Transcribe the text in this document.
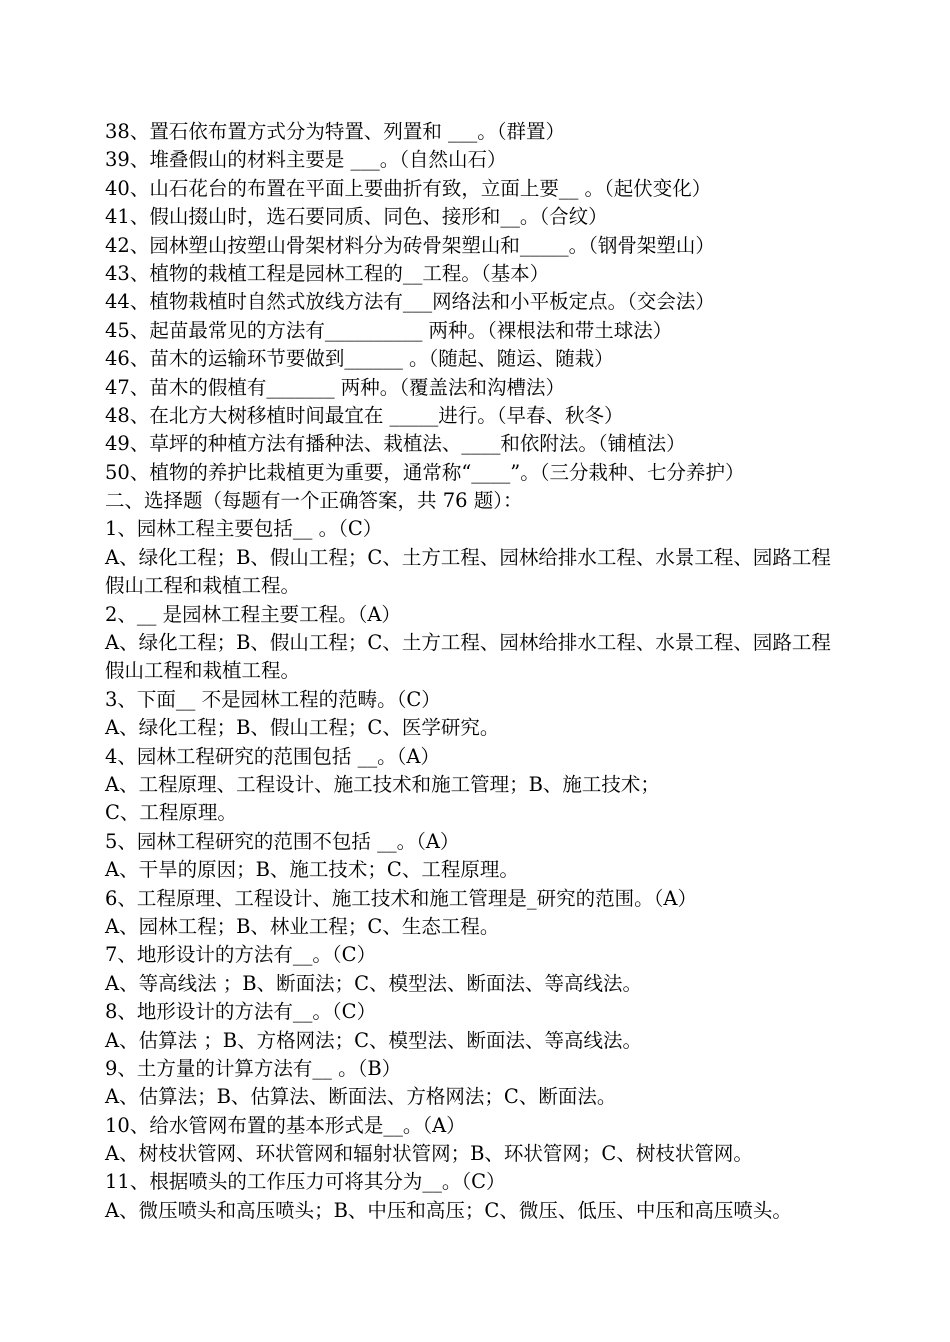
38、置石依布置方式分为特置、列置和 ___。（群置）

39、堆叠假山的材料主要是 ___。（自然山石）

40、山石花台的布置在平面上要曲折有致，立面上要__ 。（起伏变化）

41、假山掇山时，选石要同质、同色、接形和__。（合纹）

42、园林塑山按塑山骨架材料分为砖骨架塑山和_____。（钢骨架塑山）

43、植物的栽植工程是园林工程的__工程。（基本）

44、植物栽植时自然式放线方法有___网络法和小平板定点。（交会法）

45、起苗最常见的方法有__________ 两种。（裸根法和带土球法）

46、苗木的运输环节要做到______ 。（随起、随运、随栽）

47、苗木的假植有_______ 两种。（覆盖法和沟槽法）

48、在北方大树移植时间最宜在 _____进行。（早春、秋冬）

49、草坪的种植方法有播种法、栽植法、____和依附法。（铺植法）

50、植物的养护比栽植更为重要，通常称“____”。（三分栽种、七分养护）

二、选择题（每题有一个正确答案，共 76 题）：

1、园林工程主要包括__ 。（C）

A、绿化工程；B、假山工程；C、土方工程、园林给排水工程、水景工程、园路工程

假山工程和栽植工程。

2、__ 是园林工程主要工程。（A）

A、绿化工程；B、假山工程；C、土方工程、园林给排水工程、水景工程、园路工程

假山工程和栽植工程。

3、下面__ 不是园林工程的范畴。（C）

A、绿化工程；B、假山工程；C、医学研究。

4、园林工程研究的范围包括 __。（A）

A、工程原理、工程设计、施工技术和施工管理；B、施工技术；

C、工程原理。

5、园林工程研究的范围不包括 __。（A）

A、干旱的原因；B、施工技术；C、工程原理。

6、工程原理、工程设计、施工技术和施工管理是_研究的范围。（A）

A、园林工程；B、林业工程；C、生态工程。

7、地形设计的方法有__。（C）

A、等高线法 ；B、断面法；C、模型法、断面法、等高线法。

8、地形设计的方法有__。（C）

A、估算法 ；B、方格网法；C、模型法、断面法、等高线法。

9、土方量的计算方法有__ 。（B）

A、估算法；B、估算法、断面法、方格网法；C、断面法。

10、给水管网布置的基本形式是__。（A）

A、树枝状管网、环状管网和辐射状管网；B、环状管网；C、树枝状管网。

11、根据喷头的工作压力可将其分为__。（C）

A、微压喷头和高压喷头；B、中压和高压；C、微压、低压、中压和高压喷头。
